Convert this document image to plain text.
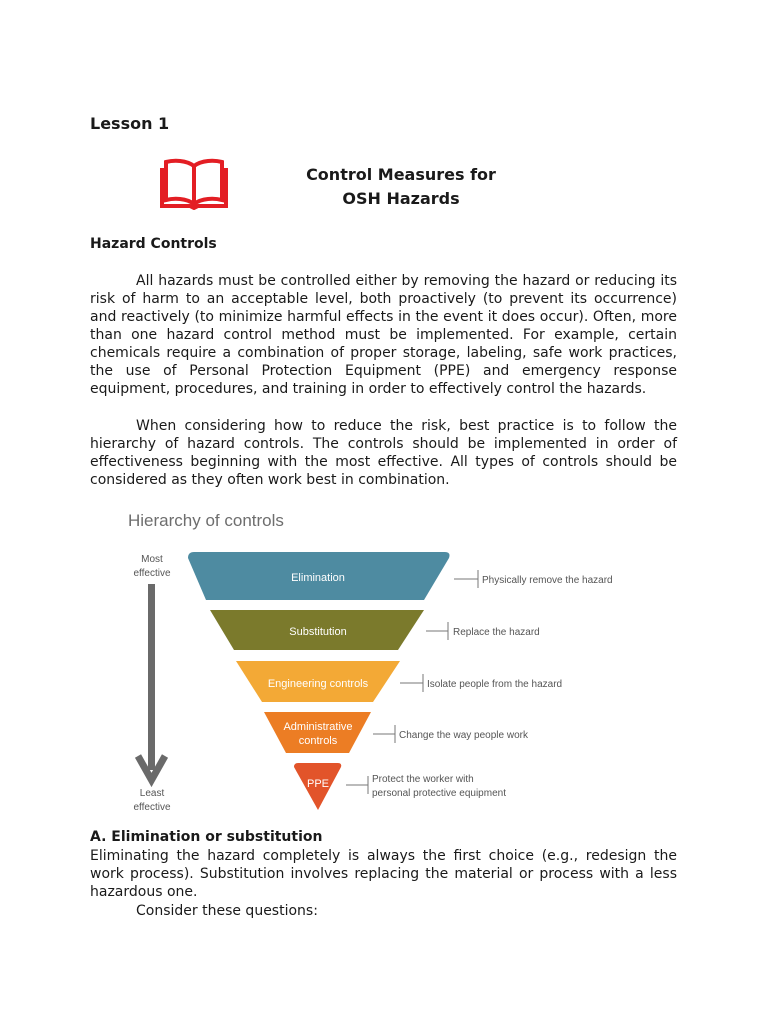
Lesson 1
Control Measures for
OSH Hazards
Hazard Controls

All hazards must be controlled either by removing the hazard or reducing its risk of harm to an acceptable level, both proactively (to prevent its occurrence) and reactively (to minimize harmful effects in the event it does occur). Often, more than one hazard control method must be implemented. For example, certain chemicals require a combination of proper storage, labeling, safe work practices, the use of Personal Protection Equipment (PPE) and emergency response equipment, procedures, and training in order to effectively control the hazards.

When considering how to reduce the risk, best practice is to follow the hierarchy of hazard controls. The controls should be implemented in order of effectiveness beginning with the most effective. All types of controls should be considered as they often work best in combination.

Hierarchy of controls
Most
effective
Least
effective
Elimination
Substitution
Engineering controls
Administrative
controls
PPE
Physically remove the hazard
Replace the hazard
Isolate people from the hazard
Change the way people work
Protect the worker with
personal protective equipment
A. Elimination or substitution

Eliminating the hazard completely is always the first choice (e.g., redesign the work process). Substitution involves replacing the material or process with a less hazardous one.

Consider these questions:
